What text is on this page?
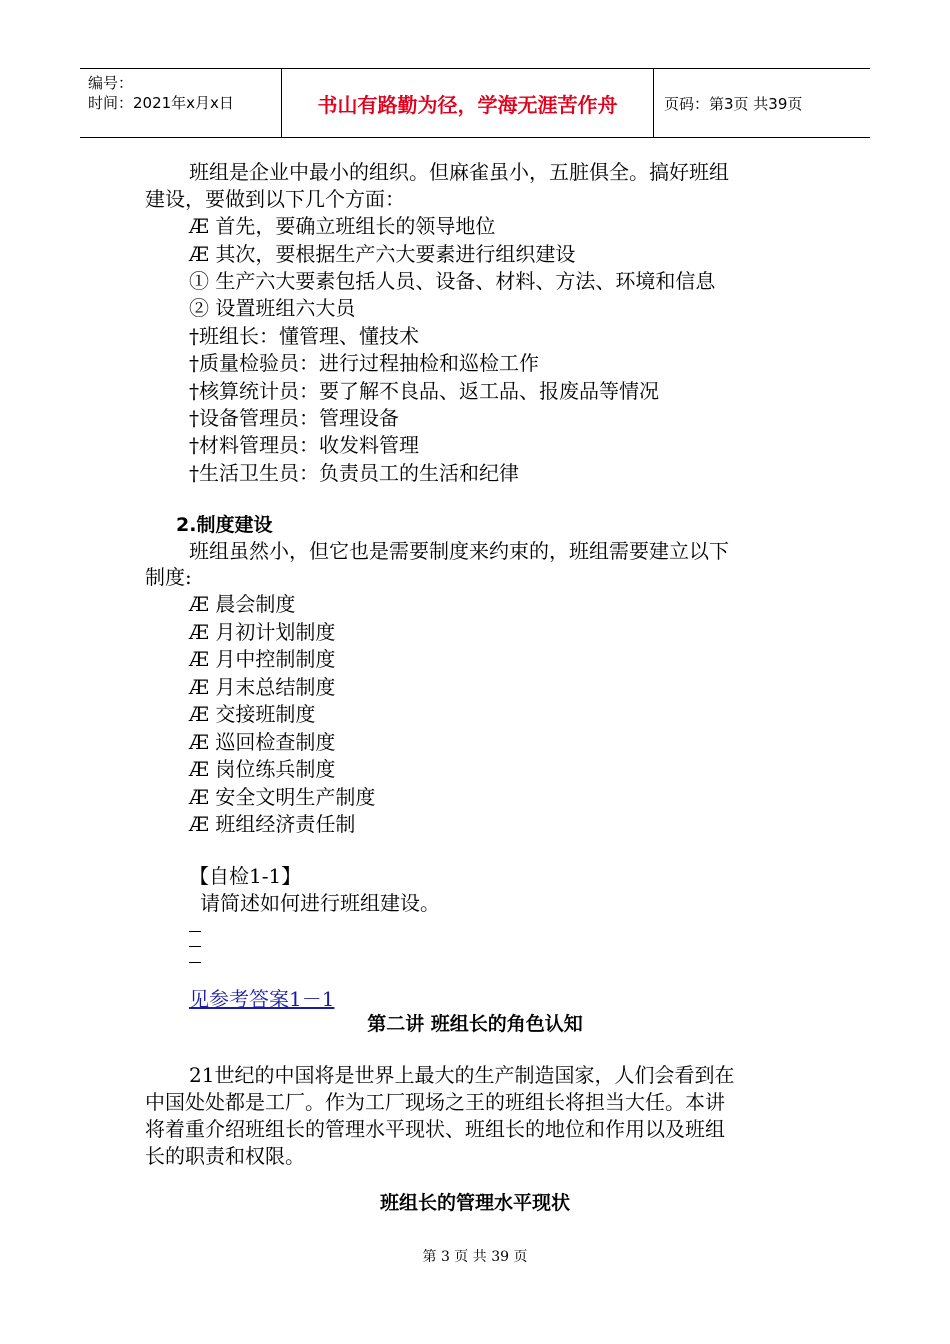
编号：
时间：2021年x月x日	书山有路勤为径，学海无涯苦作舟	页码：第3页 共39页
班组是企业中最小的组织。但麻雀虽小，五脏俱全。搞好班组
建设，要做到以下几个方面：
Æ 首先，要确立班组长的领导地位
Æ 其次，要根据生产六大要素进行组织建设
① 生产六大要素包括人员、设备、材料、方法、环境和信息
② 设置班组六大员
†班组长：懂管理、懂技术
†质量检验员：进行过程抽检和巡检工作
†核算统计员：要了解不良品、返工品、报废品等情况
†设备管理员：管理设备
†材料管理员：收发料管理
†生活卫生员：负责员工的生活和纪律
2.制度建设
班组虽然小，但它也是需要制度来约束的，班组需要建立以下
制度:
Æ 晨会制度
Æ 月初计划制度
Æ 月中控制制度
Æ 月末总结制度
Æ 交接班制度
Æ 巡回检查制度
Æ 岗位练兵制度
Æ 安全文明生产制度
Æ 班组经济责任制
【自检1-1】
请简述如何进行班组建设。
见参考答案1－1
第二讲 班组长的角色认知
21世纪的中国将是世界上最大的生产制造国家，人们会看到在
中国处处都是工厂。作为工厂现场之王的班组长将担当大任。本讲
将着重介绍班组长的管理水平现状、班组长的地位和作用以及班组
长的职责和权限。
班组长的管理水平现状
第 3 页 共 39 页
